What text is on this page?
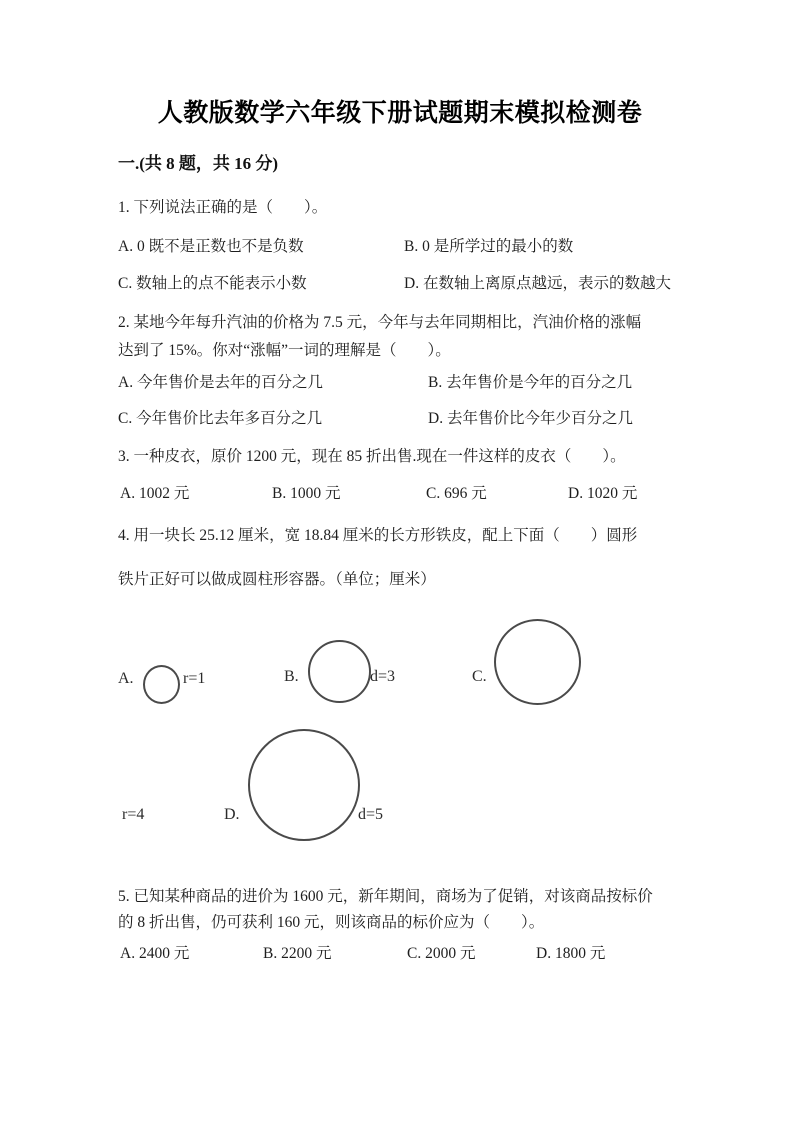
人教版数学六年级下册试题期末模拟检测卷

一.(共 8 题，共 16 分)

1. 下列说法正确的是（　　）。

A. 0 既不是正数也不是负数	B. 0 是所学过的最小的数
C. 数轴上的点不能表示小数	D. 在数轴上离原点越远，表示的数越大

2. 某地今年每升汽油的价格为 7.5 元，今年与去年同期相比，汽油价格的涨幅
达到了 15%。你对“涨幅”一词的理解是（　　）。

A. 今年售价是去年的百分之几	B. 去年售价是今年的百分之几
C. 今年售价比去年多百分之几	D. 去年售价比今年少百分之几

3. 一种皮衣，原价 1200 元，现在 85 折出售.现在一件这样的皮衣（　　）。

A. 1002 元	B. 1000 元	C. 696 元	D. 1020 元

4. 用一块长 25.12 厘米，宽 18.84 厘米的长方形铁皮，配上下面（　　）圆形

铁片正好可以做成圆柱形容器。（单位；厘米）

A.	r=1	B.	d=3	C.
r=4	D.	d=5

5. 已知某种商品的进价为 1600 元，新年期间，商场为了促销，对该商品按标价
的 8 折出售，仍可获利 160 元，则该商品的标价应为（　　）。

A. 2400 元	B. 2200 元	C. 2000 元	D. 1800 元
